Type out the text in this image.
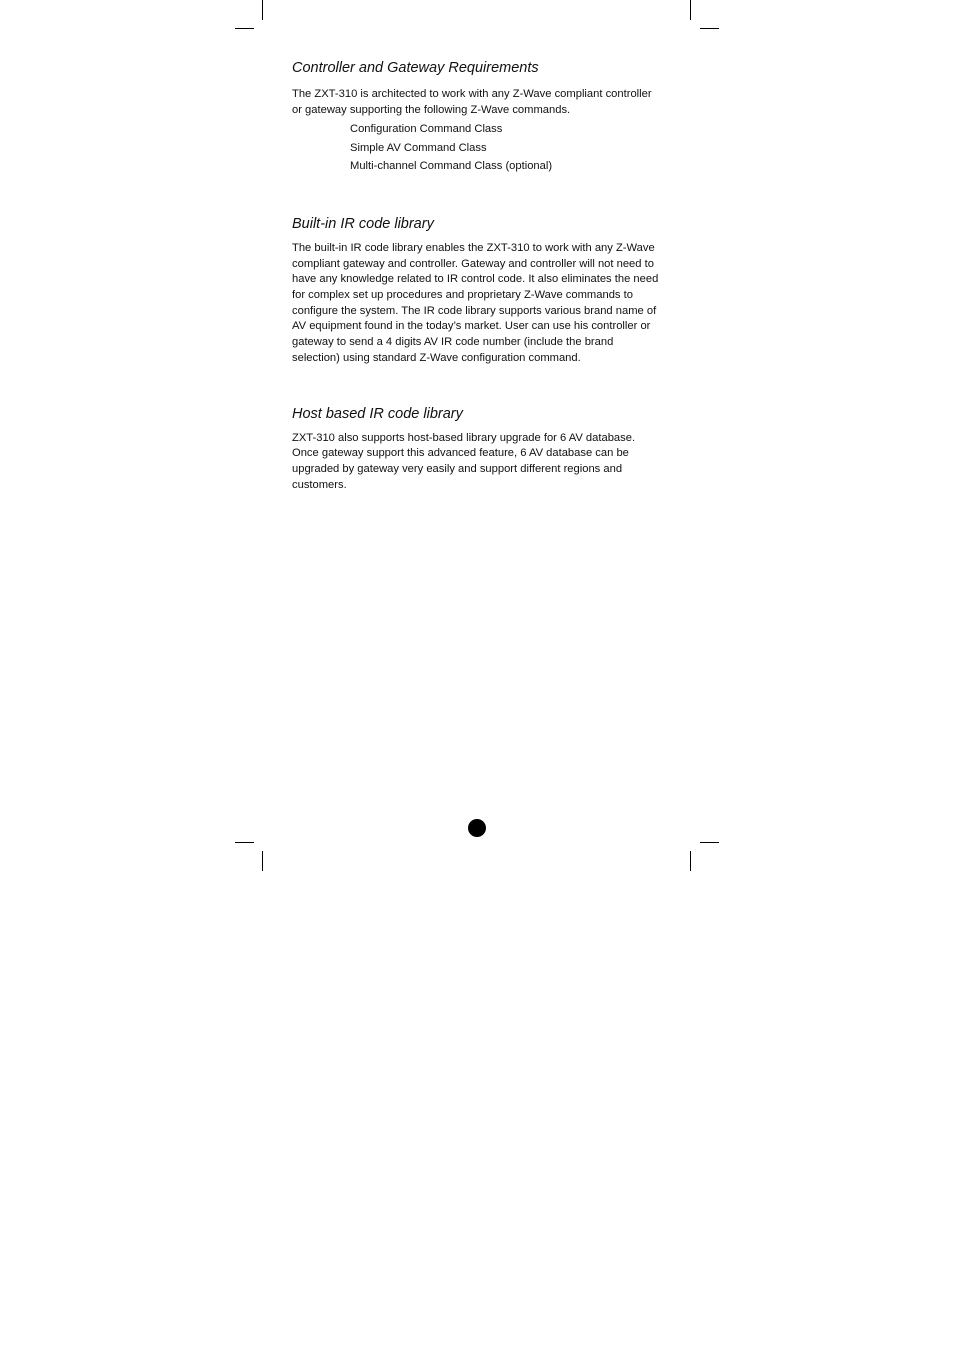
Controller and Gateway Requirements

The ZXT-310 is architected to work with any Z-Wave compliant controller or gateway supporting the following Z-Wave commands.

Configuration Command Class
Simple AV Command Class
Multi-channel Command Class (optional)
Built-in IR code library

The built-in IR code library enables the ZXT-310 to work with any Z-Wave compliant gateway and controller. Gateway and controller will not need to have any knowledge related to IR control code. It also eliminates the need for complex set up procedures and proprietary Z-Wave commands to configure the system. The IR code library supports various brand name of AV equipment found in the today’s market. User can use his controller or gateway to send a 4 digits AV IR code number (include the brand selection) using standard Z-Wave configuration command.

Host based IR code library

ZXT-310 also supports host-based library upgrade for 6 AV database. Once gateway support this advanced feature, 6 AV database can be upgraded by gateway very easily and support different regions and customers.
